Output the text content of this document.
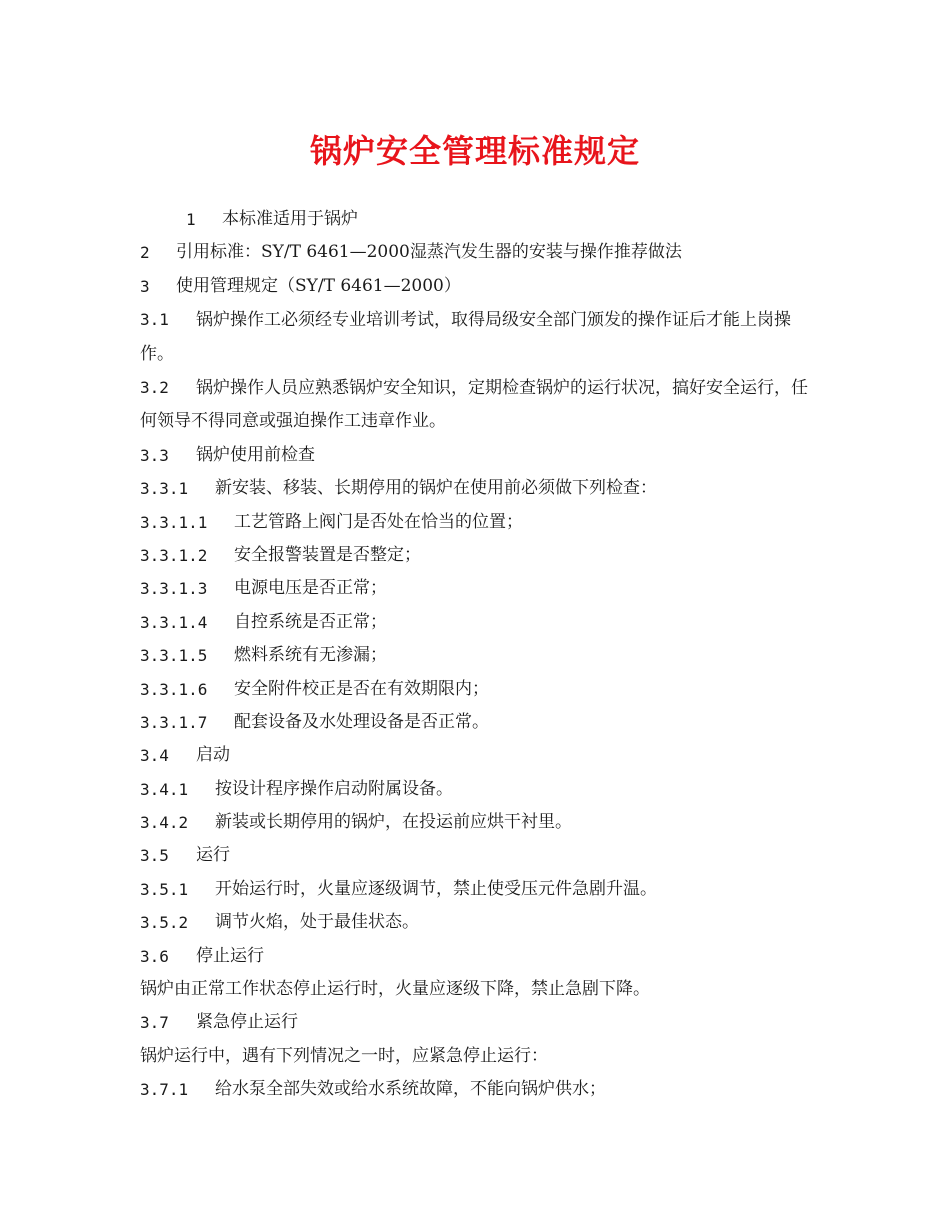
锅炉安全管理标准规定
1	本标准适用于锅炉
2	引用标准：SY/T 6461—2000湿蒸汽发生器的安装与操作推荐做法
3	使用管理规定（SY/T 6461—2000）
3.1 锅炉操作工必须经专业培训考试，取得局级安全部门颁发的操作证后才能上岗操作。
3.2 锅炉操作人员应熟悉锅炉安全知识，定期检查锅炉的运行状况，搞好安全运行，任何领导不得同意或强迫操作工违章作业。
3.3	锅炉使用前检查
3.3.1	新安装、移装、长期停用的锅炉在使用前必须做下列检查：
3.3.1.1	工艺管路上阀门是否处在恰当的位置；
3.3.1.2	安全报警装置是否整定；
3.3.1.3	电源电压是否正常；
3.3.1.4	自控系统是否正常；
3.3.1.5	燃料系统有无渗漏；
3.3.1.6	安全附件校正是否在有效期限内；
3.3.1.7	配套设备及水处理设备是否正常。
3.4	启动
3.4.1	按设计程序操作启动附属设备。
3.4.2	新装或长期停用的锅炉，在投运前应烘干衬里。
3.5	运行
3.5.1	开始运行时，火量应逐级调节，禁止使受压元件急剧升温。
3.5.2	调节火焰，处于最佳状态。
3.6	停止运行
锅炉由正常工作状态停止运行时，火量应逐级下降，禁止急剧下降。
3.7	紧急停止运行
锅炉运行中，遇有下列情况之一时，应紧急停止运行：
3.7.1	给水泵全部失效或给水系统故障，不能向锅炉供水；
